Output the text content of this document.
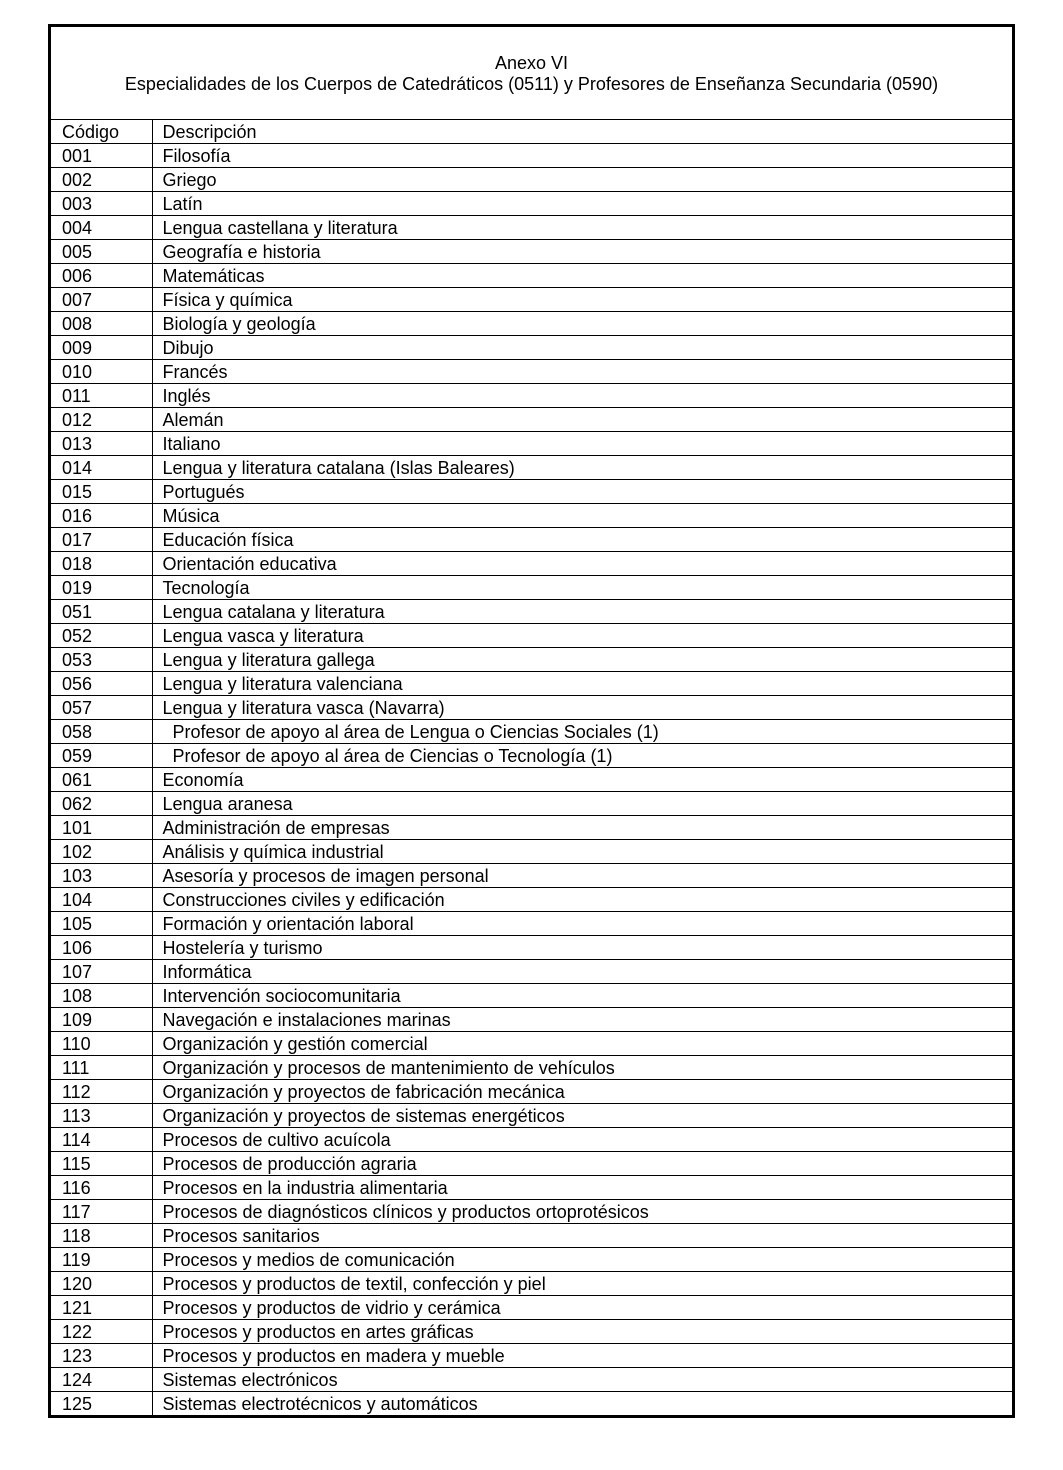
Anexo VI
Especialidades de los Cuerpos de Catedráticos (0511) y Profesores de Enseñanza Secundaria (0590)
Código	Descripción
001	Filosofía
002	Griego
003	Latín
004	Lengua castellana y literatura
005	Geografía e historia
006	Matemáticas
007	Física y química
008	Biología y geología
009	Dibujo
010	Francés
011	Inglés
012	Alemán
013	Italiano
014	Lengua y literatura catalana (Islas Baleares)
015	Portugués
016	Música
017	Educación física
018	Orientación educativa
019	Tecnología
051	Lengua catalana y literatura
052	Lengua vasca y literatura
053	Lengua y literatura gallega
056	Lengua y literatura valenciana
057	Lengua y literatura vasca (Navarra)
058	Profesor de apoyo al área de Lengua o Ciencias Sociales (1)
059	Profesor de apoyo al área de Ciencias o Tecnología (1)
061	Economía
062	Lengua aranesa
101	Administración de empresas
102	Análisis y química industrial
103	Asesoría y procesos de imagen personal
104	Construcciones civiles y edificación
105	Formación y orientación laboral
106	Hostelería y turismo
107	Informática
108	Intervención sociocomunitaria
109	Navegación e instalaciones marinas
110	Organización y gestión comercial
111	Organización y procesos de mantenimiento de vehículos
112	Organización y proyectos de fabricación mecánica
113	Organización y proyectos de sistemas energéticos
114	Procesos de cultivo acuícola
115	Procesos de producción agraria
116	Procesos en la industria alimentaria
117	Procesos de diagnósticos clínicos y productos ortoprotésicos
118	Procesos sanitarios
119	Procesos y medios de comunicación
120	Procesos y productos de textil, confección y piel
121	Procesos y productos de vidrio y cerámica
122	Procesos y productos en artes gráficas
123	Procesos y productos en madera y mueble
124	Sistemas electrónicos
125	Sistemas electrotécnicos y automáticos
